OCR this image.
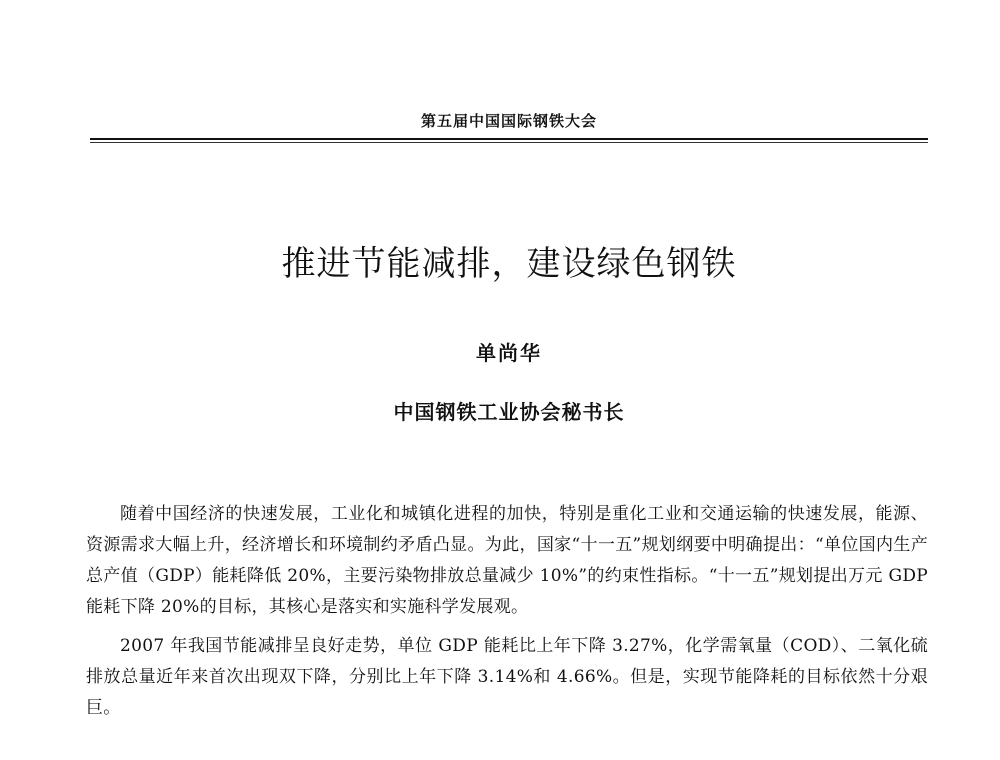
第五届中国国际钢铁大会
推进节能减排，建设绿色钢铁
单尚华
中国钢铁工业协会秘书长

随着中国经济的快速发展，工业化和城镇化进程的加快，特别是重化工业和交通运输的快速发展，能源、资源需求大幅上升，经济增长和环境制约矛盾凸显。为此，国家“十一五”规划纲要中明确提出：“单位国内生产总产值（GDP）能耗降低 20%，主要污染物排放总量减少 10%”的约束性指标。“十一五”规划提出万元 GDP 能耗下降 20%的目标，其核心是落实和实施科学发展观。

2007 年我国节能减排呈良好走势，单位 GDP 能耗比上年下降 3.27%，化学需氧量（COD）、二氧化硫排放总量近年来首次出现双下降，分别比上年下降 3.14%和 4.66%。但是，实现节能降耗的目标依然十分艰巨。
